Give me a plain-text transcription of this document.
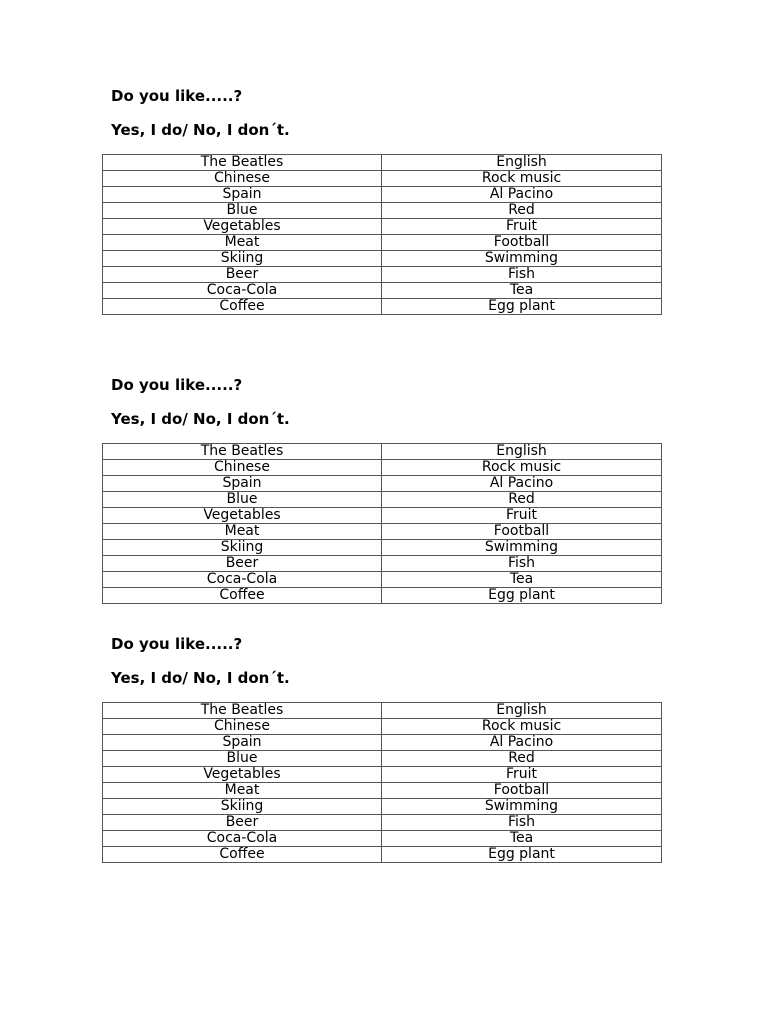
Do you like.....?

Yes, I do/ No, I don´t.

The Beatles	English
Chinese	Rock music
Spain	Al Pacino
Blue	Red
Vegetables	Fruit
Meat	Football
Skiing	Swimming
Beer	Fish
Coca-Cola	Tea
Coffee	Egg plant

Do you like.....?

Yes, I do/ No, I don´t.

The Beatles	English
Chinese	Rock music
Spain	Al Pacino
Blue	Red
Vegetables	Fruit
Meat	Football
Skiing	Swimming
Beer	Fish
Coca-Cola	Tea
Coffee	Egg plant

Do you like.....?

Yes, I do/ No, I don´t.

The Beatles	English
Chinese	Rock music
Spain	Al Pacino
Blue	Red
Vegetables	Fruit
Meat	Football
Skiing	Swimming
Beer	Fish
Coca-Cola	Tea
Coffee	Egg plant
